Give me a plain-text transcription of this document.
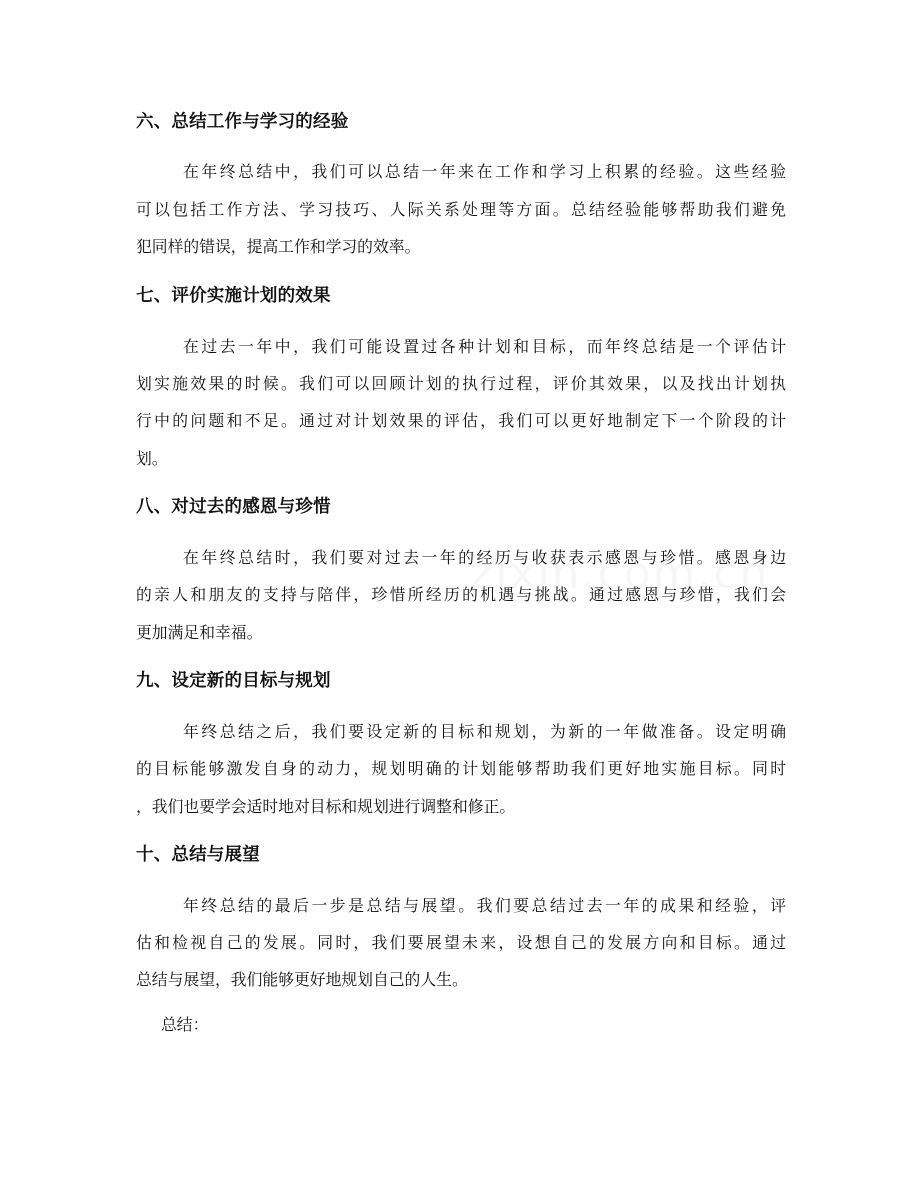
六、总结工作与学习的经验
在年终总结中，我们可以总结一年来在工作和学习上积累的经验。这些经验
可以包括工作方法、学习技巧、人际关系处理等方面。总结经验能够帮助我们避免
犯同样的错误，提高工作和学习的效率。
七、评价实施计划的效果
在过去一年中，我们可能设置过各种计划和目标，而年终总结是一个评估计
划实施效果的时候。我们可以回顾计划的执行过程，评价其效果，以及找出计划执
行中的问题和不足。通过对计划效果的评估，我们可以更好地制定下一个阶段的计
划。
八、对过去的感恩与珍惜
在年终总结时，我们要对过去一年的经历与收获表示感恩与珍惜。感恩身边
的亲人和朋友的支持与陪伴，珍惜所经历的机遇与挑战。通过感恩与珍惜，我们会
更加满足和幸福。
九、设定新的目标与规划
年终总结之后，我们要设定新的目标和规划，为新的一年做准备。设定明确
的目标能够激发自身的动力，规划明确的计划能够帮助我们更好地实施目标。同时
，我们也要学会适时地对目标和规划进行调整和修正。
十、总结与展望
年终总结的最后一步是总结与展望。我们要总结过去一年的成果和经验，评
估和检视自己的发展。同时，我们要展望未来，设想自己的发展方向和目标。通过
总结与展望，我们能够更好地规划自己的人生。
总结：
